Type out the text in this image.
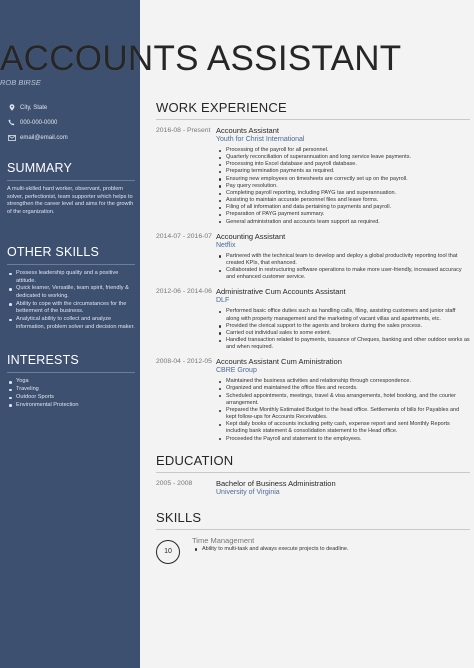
ACCOUNTS ASSISTANT
ROB BIRSE
City, State
000-000-0000
email@email.com
SUMMARY
A multi-skilled hard worker, observant, problem solver, perfectionist, team supporter which helps to strengthen the career level and aims for the growth of the organization.
OTHER SKILLS
Possess leadership quality and a positive attitude.
Quick learner, Versatile, team spirit, friendly & dedicated to working.
Ability to cope with the circumstances for the betterment of the business.
Analytical ability to collect and analyze information, problem solver and decision maker.
INTERESTS
Yoga
Traveling
Outdoor Sports
Environmental Protection
WORK EXPERIENCE
2016-08 - Present Accounts Assistant
Youth for Christ International
Processing of the payroll for all personnel.
Quarterly reconciliation of superannuation and long service leave payments.
Processing into Excel database and payroll database.
Preparing termination payments as required.
Ensuring new employees on timesheets are correctly set up on the payroll.
Pay query resolution.
Completing payroll reporting, including PAYG tax and superannuation.
Assisting to maintain accurate personnel files and leave forms.
Filing of all information and data pertaining to payments and payroll.
Preparation of PAYG payment summary.
General administration and accounts team support as required.
2014-07 - 2016-07 Accounting Assistant
Netflix
Partnered with the technical team to develop and deploy a global productivity reporting tool that created KPIs, that enhanced.
Collaborated in restructuring software operations to make more user-friendly, increased accuracy and enhanced customer service.
2012-06 - 2014-06 Administrative Cum Accounts Assistant
DLF
Performed basic office duties such as handling calls, filing, assisting customers and junior staff along with property management and the marketing of vacant villas and apartments, etc.
Provided the clerical support to the agents and brokers during the sales process.
Carried out individual sales to some extent.
Handled transaction related to payments, issuance of Cheques, banking and other outdoor works as and when required.
2008-04 - 2012-05 Accounts Assistant Cum Aministration
CBRE Group
Maintained the business activities and relationship through correspondence.
Organized and maintained the office files and records.
Scheduled appointments, meetings, travel & visa arrangements, hotel booking, and the courier arrangement.
Prepared the Monthly Estimated Budget to the head office. Settlements of bills for Payables and kept follow-ups for Accounts Receivables.
Kept daily books of accounts including petty cash, expense report and sent Monthly Reports including bank statement & consolidation statement to the Head office.
Proceeded the Payroll and statement to the employees.
EDUCATION
2005 - 2008	Bachelor of Business Administration
University of Virginia
SKILLS
10
Time Management
Ability to multi-task and always execute projects to deadline.
